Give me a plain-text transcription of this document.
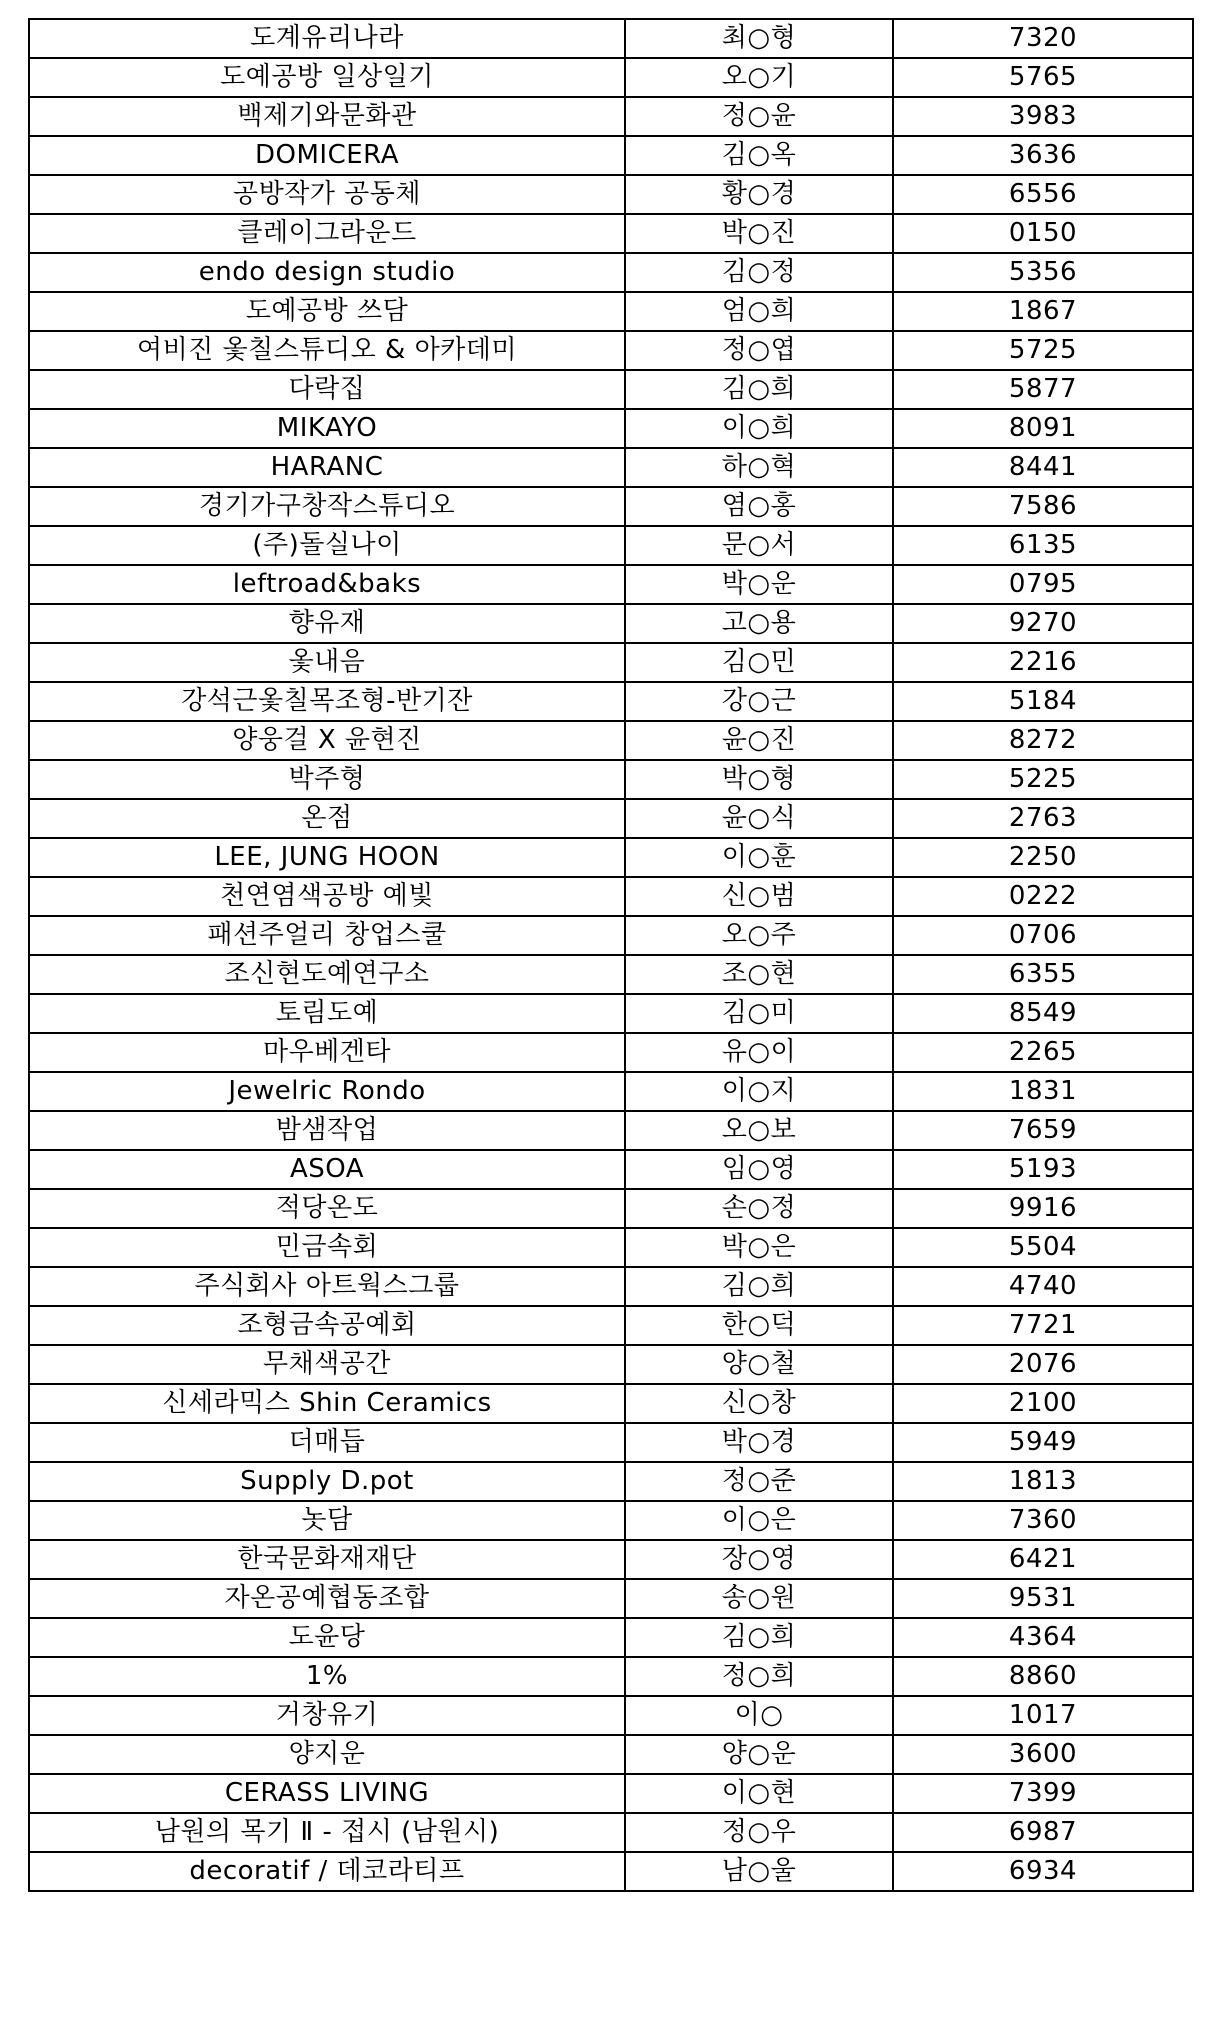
도계유리나라	최○형	7320
도예공방 일상일기	오○기	5765
백제기와문화관	정○윤	3983
DOMICERA	김○옥	3636
공방작가 공동체	황○경	6556
클레이그라운드	박○진	0150
endo design studio	김○정	5356
도예공방 쓰담	엄○희	1867
여비진 옻칠스튜디오 & 아카데미	정○엽	5725
다락집	김○희	5877
MIKAYO	이○희	8091
HARANC	하○혁	8441
경기가구창작스튜디오	염○홍	7586
(주)돌실나이	문○서	6135
leftroad&baks	박○운	0795
향유재	고○용	9270
옻내음	김○민	2216
강석근옻칠목조형-반기잔	강○근	5184
양웅걸 X 윤현진	윤○진	8272
박주형	박○형	5225
온점	윤○식	2763
LEE, JUNG HOON	이○훈	2250
천연염색공방 예빛	신○범	0222
패션주얼리 창업스쿨	오○주	0706
조신현도예연구소	조○현	6355
토림도예	김○미	8549
마우베겐타	유○이	2265
Jewelric Rondo	이○지	1831
밤샘작업	오○보	7659
ASOA	임○영	5193
적당온도	손○정	9916
민금속회	박○은	5504
주식회사 아트웍스그룹	김○희	4740
조형금속공예회	한○덕	7721
무채색공간	양○철	2076
신세라믹스 Shin Ceramics	신○창	2100
더매듭	박○경	5949
Supply D.pot	정○준	1813
놋담	이○은	7360
한국문화재재단	장○영	6421
자온공예협동조합	송○원	9531
도윤당	김○희	4364
1%	정○희	8860
거창유기	이○	1017
양지운	양○운	3600
CERASS LIVING	이○현	7399
남원의 목기 Ⅱ - 접시 (남원시)	정○우	6987
decoratif / 데코라티프	남○울	6934
